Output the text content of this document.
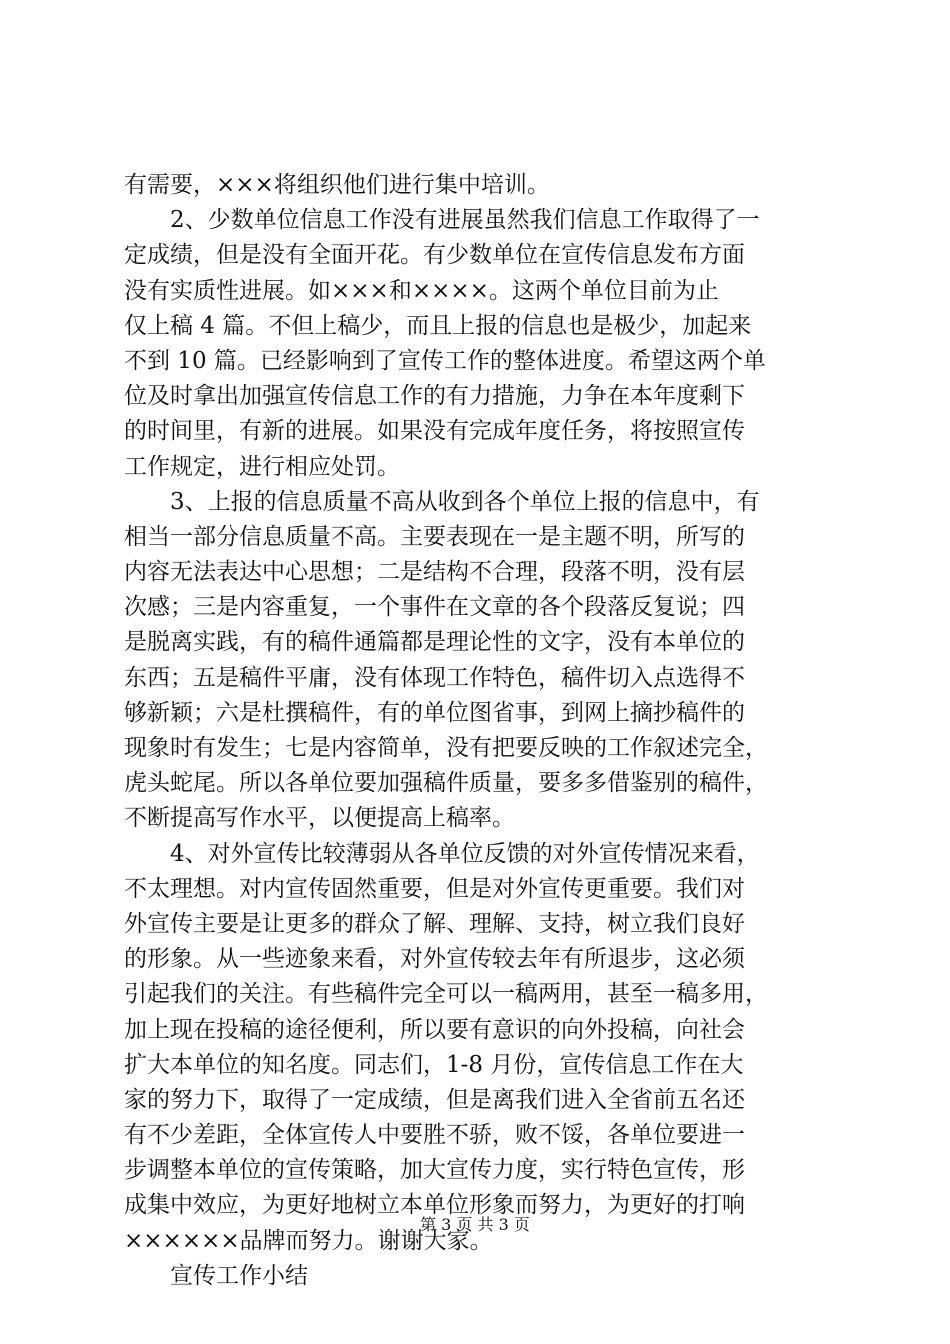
有需要，×××将组织他们进行集中培训。
2、少数单位信息工作没有进展虽然我们信息工作取得了一
定成绩，但是没有全面开花。有少数单位在宣传信息发布方面
没有实质性进展。如×××和××××。这两个单位目前为止
仅上稿 4 篇。不但上稿少，而且上报的信息也是极少，加起来
不到 10 篇。已经影响到了宣传工作的整体进度。希望这两个单
位及时拿出加强宣传信息工作的有力措施，力争在本年度剩下
的时间里，有新的进展。如果没有完成年度任务，将按照宣传
工作规定，进行相应处罚。
3、上报的信息质量不高从收到各个单位上报的信息中，有
相当一部分信息质量不高。主要表现在一是主题不明，所写的
内容无法表达中心思想；二是结构不合理，段落不明，没有层
次感；三是内容重复，一个事件在文章的各个段落反复说；四
是脱离实践，有的稿件通篇都是理论性的文字，没有本单位的
东西；五是稿件平庸，没有体现工作特色，稿件切入点选得不
够新颖；六是杜撰稿件，有的单位图省事，到网上摘抄稿件的
现象时有发生；七是内容简单，没有把要反映的工作叙述完全，
虎头蛇尾。所以各单位要加强稿件质量，要多多借鉴别的稿件，
不断提高写作水平，以便提高上稿率。
4、对外宣传比较薄弱从各单位反馈的对外宣传情况来看，
不太理想。对内宣传固然重要，但是对外宣传更重要。我们对
外宣传主要是让更多的群众了解、理解、支持，树立我们良好
的形象。从一些迹象来看，对外宣传较去年有所退步，这必须
引起我们的关注。有些稿件完全可以一稿两用，甚至一稿多用，
加上现在投稿的途径便利，所以要有意识的向外投稿，向社会
扩大本单位的知名度。同志们，1-8 月份，宣传信息工作在大
家的努力下，取得了一定成绩，但是离我们进入全省前五名还
有不少差距，全体宣传人中要胜不骄，败不馁，各单位要进一
步调整本单位的宣传策略，加大宣传力度，实行特色宣传，形
成集中效应，为更好地树立本单位形象而努力，为更好的打响
××××××品牌而努力。谢谢大家。
宣传工作小结
第 3 页 共 3 页
